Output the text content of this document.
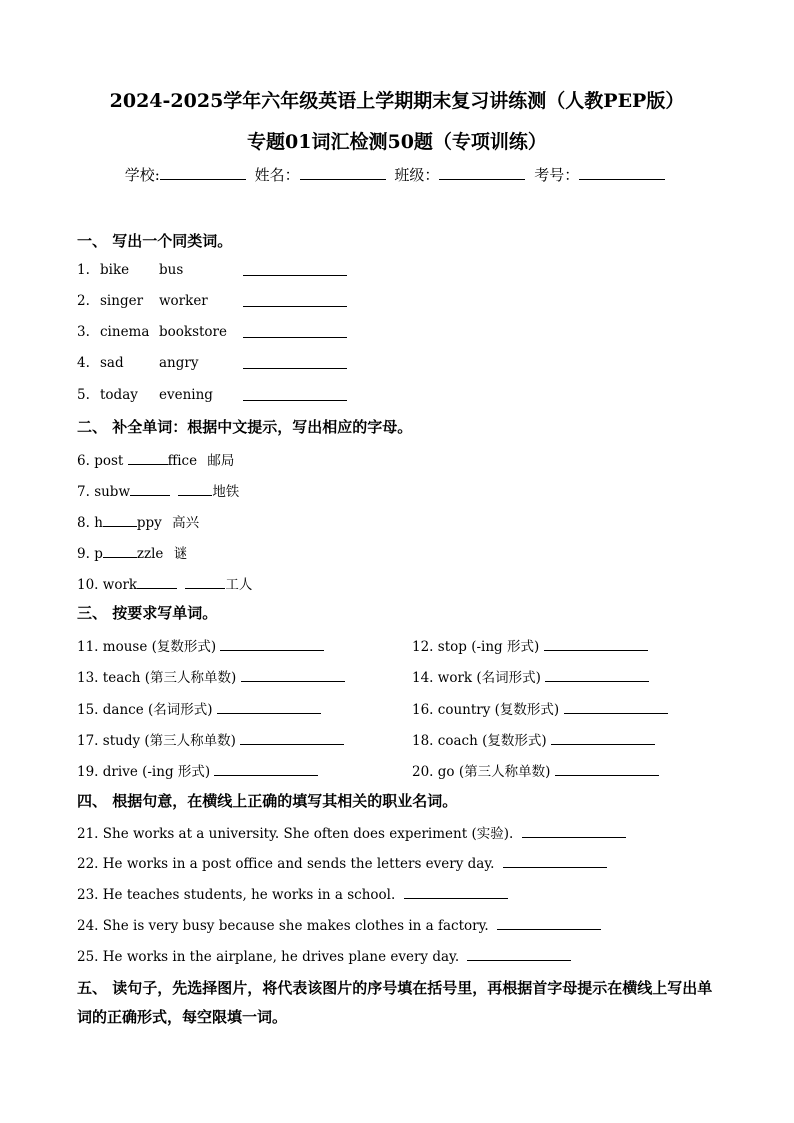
2024-2025学年六年级英语上学期期末复习讲练测（人教PEP版）
专题01词汇检测50题（专项训练）
学校:	姓名：	班级：	考号：
一、 写出一个同类词。
1. bike bus
2. singer worker
3. cinema bookstore
4. sad	angry
5. today evening
二、 补全单词：根据中文提示，写出相应的字母。
6. post	ffice 邮局
7. subw	地铁
8. h	ppy 高兴
9. p	zzle 谜
10. work	工人
三、 按要求写单词。
11. mouse (复数形式)	12. stop (-ing 形式)
13. teach (第三人称单数)	14. work (名词形式)
15. dance (名词形式)	16. country (复数形式)
17. study (第三人称单数)	18. coach (复数形式)
19. drive (-ing 形式)	20. go (第三人称单数)
四、 根据句意，在横线上正确的填写其相关的职业名词。
21. She works at a university. She often does experiment (实验).
22. He works in a post office and sends the letters every day.
23. He teaches students, he works in a school.
24. She is very busy because she makes clothes in a factory.
25. He works in the airplane, he drives plane every day.
五、 读句子，先选择图片，将代表该图片的序号填在括号里，再根据首字母提示在横线上写出单词的正确形式，每空限填一词。
